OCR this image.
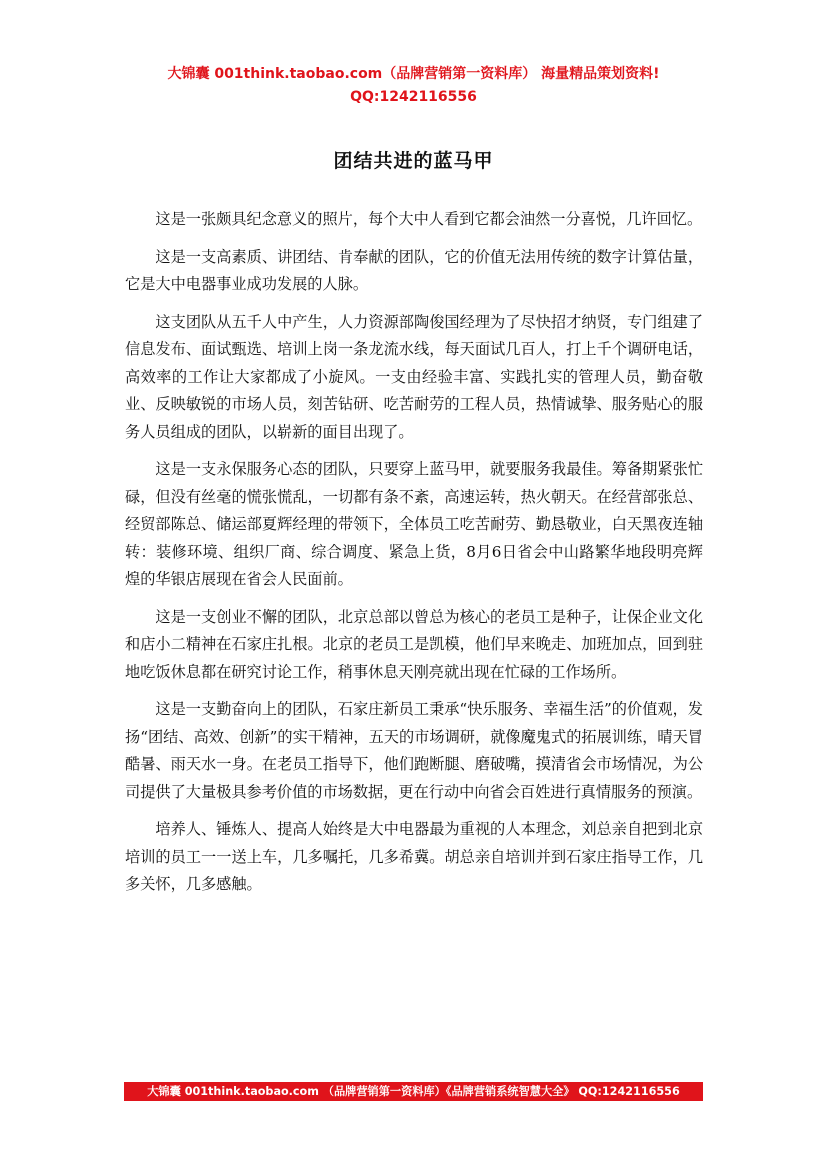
大锦囊 001think.taobao.com（品牌营销第一资料库） 海量精品策划资料!
QQ:1242116556
团结共进的蓝马甲

这是一张颇具纪念意义的照片，每个大中人看到它都会油然一分喜悦，几许回忆。

这是一支高素质、讲团结、肯奉献的团队，它的价值无法用传统的数字计算估量，它是大中电器事业成功发展的人脉。

这支团队从五千人中产生，人力资源部陶俊国经理为了尽快招才纳贤，专门组建了信息发布、面试甄选、培训上岗一条龙流水线，每天面试几百人，打上千个调研电话，高效率的工作让大家都成了小旋风。一支由经验丰富、实践扎实的管理人员，勤奋敬业、反映敏锐的市场人员，刻苦钻研、吃苦耐劳的工程人员，热情诚挚、服务贴心的服务人员组成的团队，以崭新的面目出现了。

这是一支永保服务心态的团队，只要穿上蓝马甲，就要服务我最佳。筹备期紧张忙碌，但没有丝毫的慌张慌乱，一切都有条不紊，高速运转，热火朝天。在经营部张总、经贸部陈总、储运部夏辉经理的带领下，全体员工吃苦耐劳、勤恳敬业，白天黑夜连轴转：装修环境、组织厂商、综合调度、紧急上货，8月6日省会中山路繁华地段明亮辉煌的华银店展现在省会人民面前。

这是一支创业不懈的团队，北京总部以曾总为核心的老员工是种子，让保企业文化和店小二精神在石家庄扎根。北京的老员工是凯模，他们早来晚走、加班加点，回到驻地吃饭休息都在研究讨论工作，稍事休息天刚亮就出现在忙碌的工作场所。

这是一支勤奋向上的团队，石家庄新员工秉承“快乐服务、幸福生活”的价值观，发扬“团结、高效、创新”的实干精神，五天的市场调研，就像魔鬼式的拓展训练，晴天冒酷暑、雨天水一身。在老员工指导下，他们跑断腿、磨破嘴，摸清省会市场情况，为公司提供了大量极具参考价值的市场数据，更在行动中向省会百姓进行真情服务的预演。

培养人、锤炼人、提高人始终是大中电器最为重视的人本理念，刘总亲自把到北京培训的员工一一送上车，几多嘱托，几多希冀。胡总亲自培训并到石家庄指导工作，几多关怀，几多感触。

大锦囊 001think.taobao.com （品牌营销第一资料库）《品牌营销系统智慧大全》 QQ:1242116556
